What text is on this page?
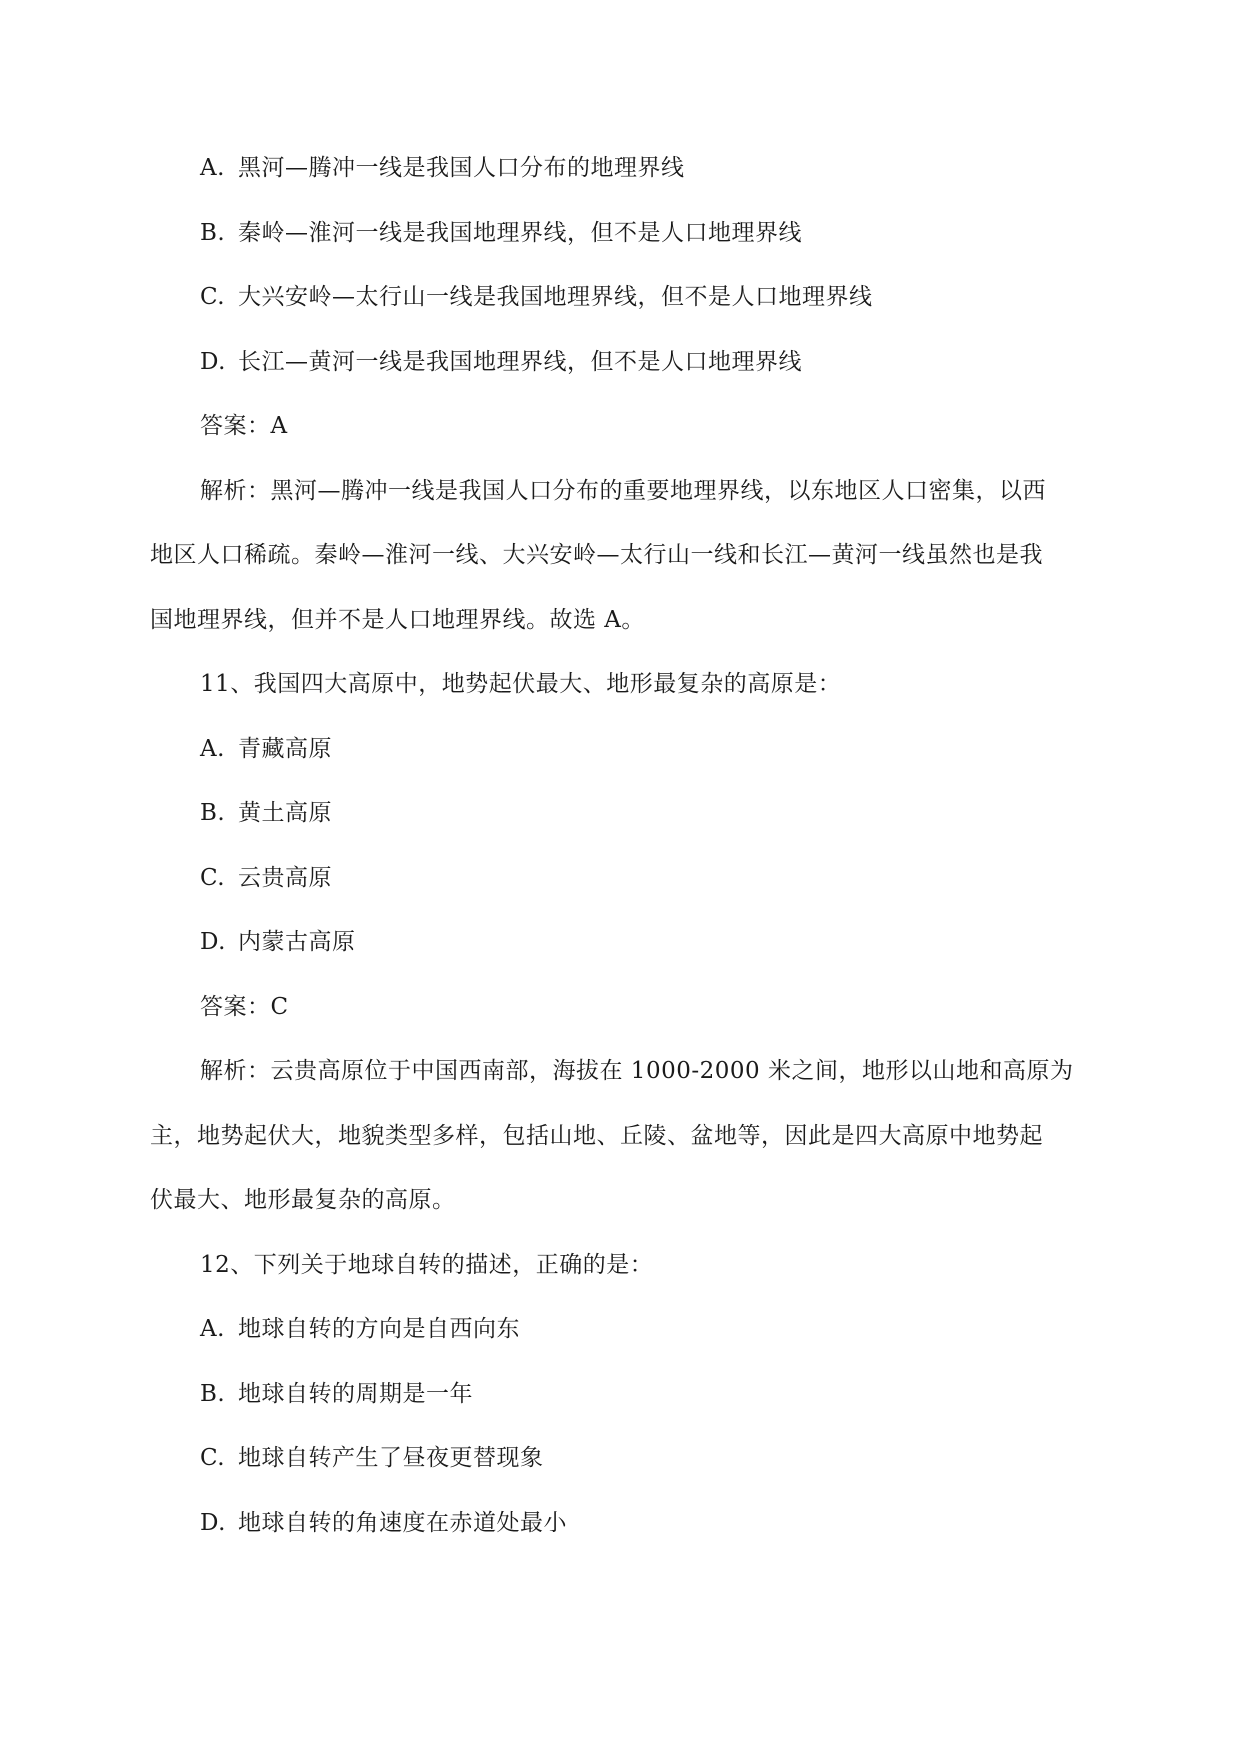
A. 黑河—腾冲一线是我国人口分布的地理界线
B. 秦岭—淮河一线是我国地理界线，但不是人口地理界线
C. 大兴安岭—太行山一线是我国地理界线，但不是人口地理界线
D. 长江—黄河一线是我国地理界线，但不是人口地理界线
答案：A
解析：黑河—腾冲一线是我国人口分布的重要地理界线，以东地区人口密集，以西
地区人口稀疏。秦岭—淮河一线、大兴安岭—太行山一线和长江—黄河一线虽然也是我
国地理界线，但并不是人口地理界线。故选 A。
11、我国四大高原中，地势起伏最大、地形最复杂的高原是：
A. 青藏高原
B. 黄土高原
C. 云贵高原
D. 内蒙古高原
答案：C
解析：云贵高原位于中国西南部，海拔在 1000-2000 米之间，地形以山地和高原为
主，地势起伏大，地貌类型多样，包括山地、丘陵、盆地等，因此是四大高原中地势起
伏最大、地形最复杂的高原。
12、下列关于地球自转的描述，正确的是：
A. 地球自转的方向是自西向东
B. 地球自转的周期是一年
C. 地球自转产生了昼夜更替现象
D. 地球自转的角速度在赤道处最小
